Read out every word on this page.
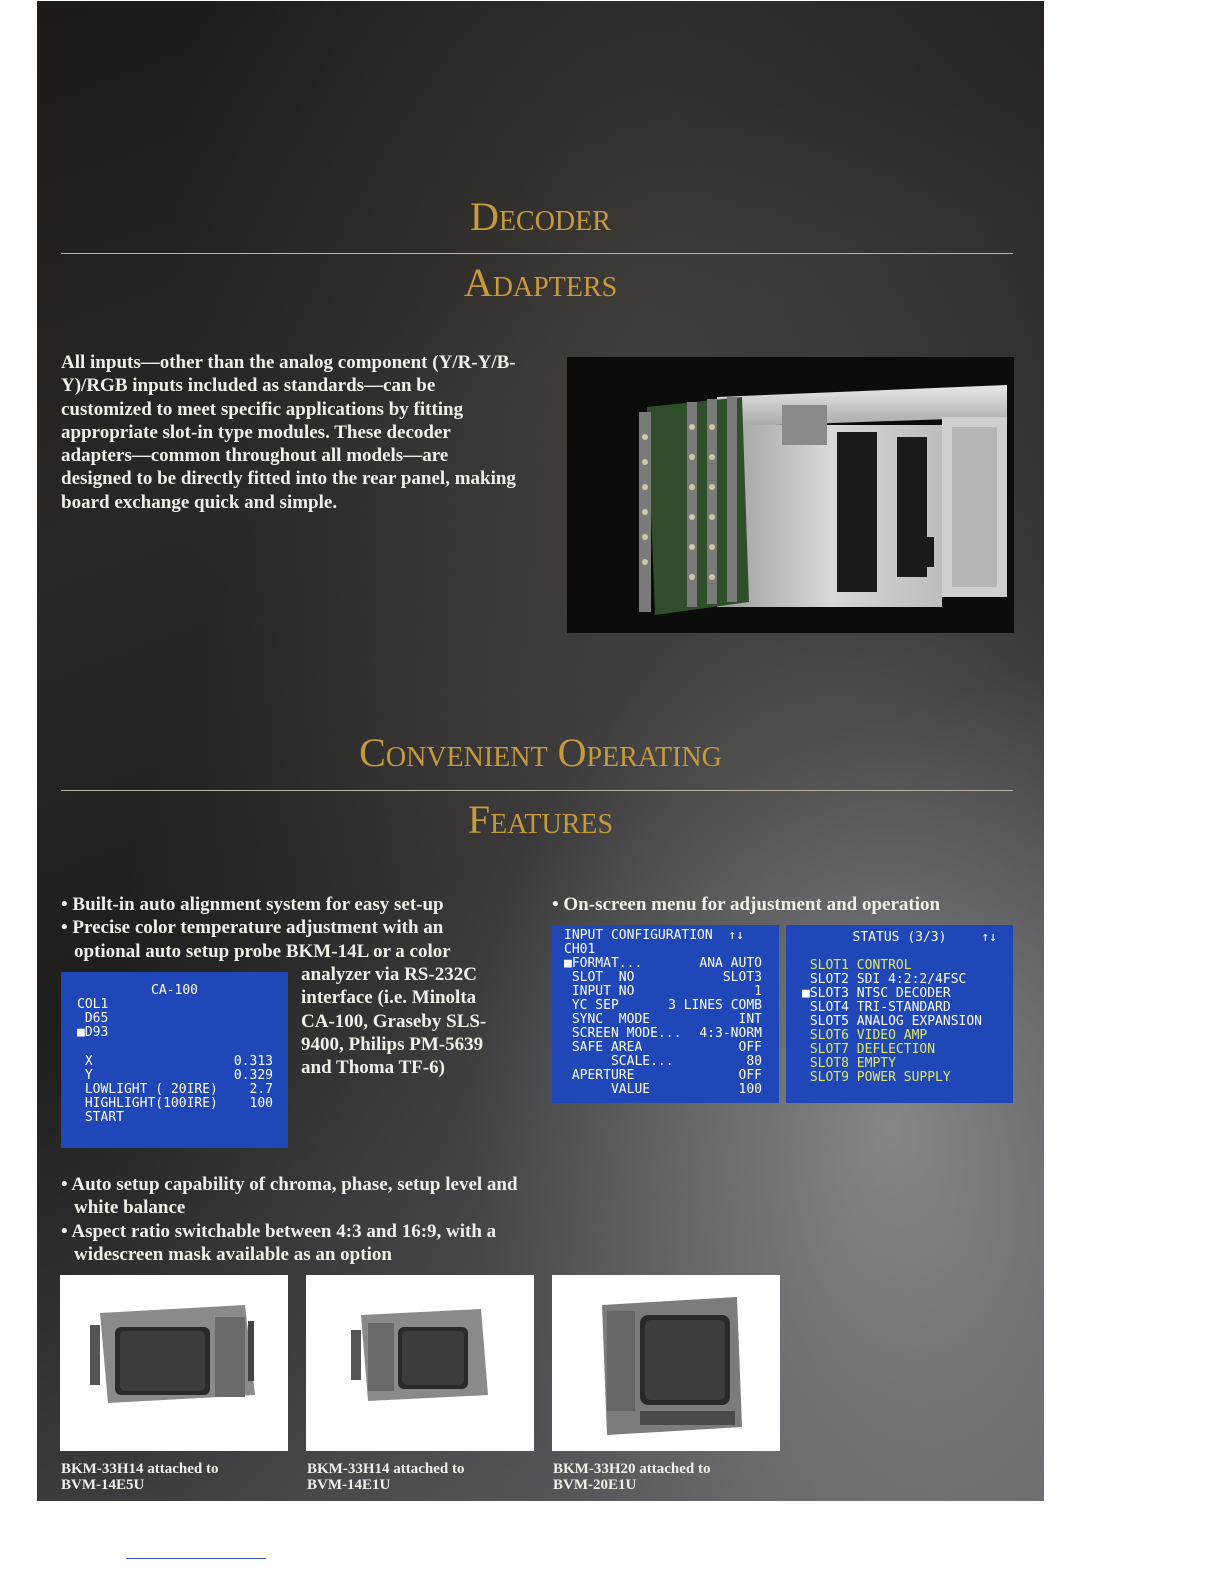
Decoder
Adapters
All inputs—other than the analog component (Y/R-Y/B-Y)/RGB inputs included as standards—can be customized to meet specific applications by fitting appropriate slot-in type modules. These decoder adapters—common throughout all models—are designed to be directly fitted into the rear panel, making board exchange quick and simple.
Convenient Operating
Features
• Built-in auto alignment system for easy set-up
• Precise color temperature adjustment with an optional auto setup probe BKM-14L or a color
analyzer via RS-232C interface (i.e. Minolta CA-100, Graseby SLS-9400, Philips PM-5639 and Thoma TF-6)
• On-screen menu for adjustment and operation

CA-100

COL1

D65

■D93

X	0.313

Y	0.329

LOWLIGHT ( 20IRE) 2.7

HIGHLIGHT(100IRE) 100

START

INPUT CONFIGURATION  ↑↓

CH01

■FORMAT...	ANA AUTO

SLOT  NO	SLOT3

INPUT NO	1

YC SEP	3 LINES COMB

SYNC  MODE	INT

SCREEN MODE... 4:3-NORM

SAFE AREA	OFF

SCALE...	80

APERTURE	OFF

VALUE	100

STATUS (3/3)

	↑↓

SLOT1 CONTROL

SLOT2 SDI 4:2:2/4FSC

■SLOT3 NTSC DECODER

SLOT4 TRI-STANDARD

SLOT5 ANALOG EXPANSION

SLOT6 VIDEO AMP

SLOT7 DEFLECTION

SLOT8 EMPTY

SLOT9 POWER SUPPLY

• Auto setup capability of chroma, phase, setup level and white balance
• Aspect ratio switchable between 4:3 and 16:9, with a widescreen mask available as an option
BKM-33H14 attached to
BVM-14E5U
BKM-33H14 attached to
BVM-14E1U
BKM-33H20 attached to
BVM-20E1U
